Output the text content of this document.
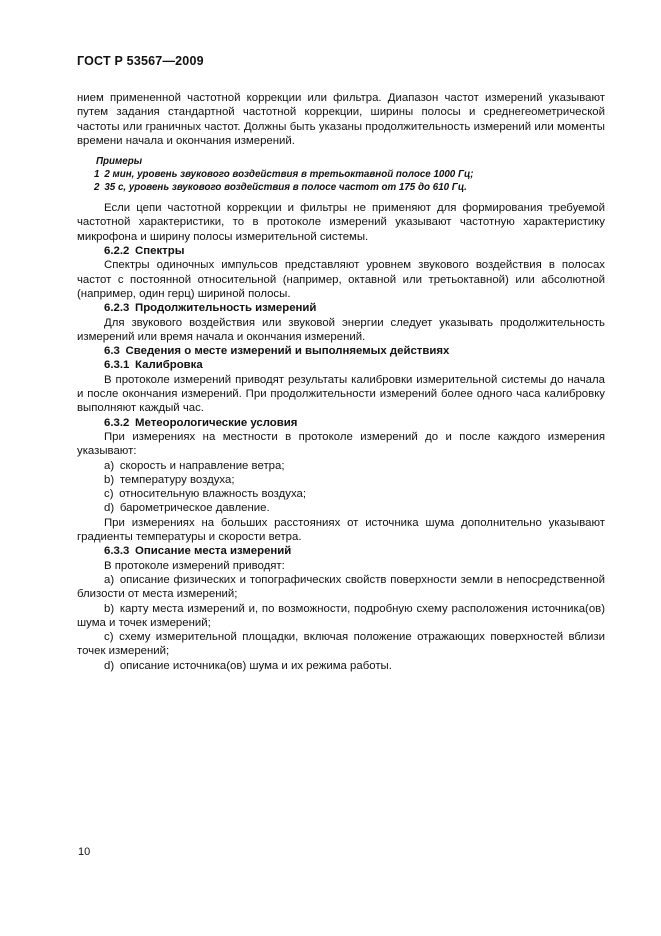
ГОСТ Р 53567—2009

нием примененной частотной коррекции или фильтра. Диапазон частот измерений указывают путем задания стандартной частотной коррекции, ширины полосы и среднегеометрической частоты или граничных частот. Должны быть указаны продолжительность измерений или моменты времени начала и окончания измерений.

Примеры

1 2 мин, уровень звукового воздействия в третьоктавной полосе 1000 Гц;

2 35 с, уровень звукового воздействия в полосе частот от 175 до 610 Гц.

Если цепи частотной коррекции и фильтры не применяют для формирования требуемой частотной характеристики, то в протоколе измерений указывают частотную характеристику микрофона и ширину полосы измерительной системы.

6.2.2 Спектры

Спектры одиночных импульсов представляют уровнем звукового воздействия в полосах частот с постоянной относительной (например, октавной или третьоктавной) или абсолютной (например, один герц) шириной полосы.

6.2.3 Продолжительность измерений

Для звукового воздействия или звуковой энергии следует указывать продолжительность измерений или время начала и окончания измерений.

6.3 Сведения о месте измерений и выполняемых действиях

6.3.1 Калибровка

В протоколе измерений приводят результаты калибровки измерительной системы до начала и после окончания измерений. При продолжительности измерений более одного часа калибровку выполняют каждый час.

6.3.2 Метеорологические условия

При измерениях на местности в протоколе измерений до и после каждого измерения указывают:

a) скорость и направление ветра;

b) температуру воздуха;

c) относительную влажность воздуха;

d) барометрическое давление.

При измерениях на больших расстояниях от источника шума дополнительно указывают градиенты температуры и скорости ветра.

6.3.3 Описание места измерений

В протоколе измерений приводят:

a) описание физических и топографических свойств поверхности земли в непосредственной близости от места измерений;

b) карту места измерений и, по возможности, подробную схему расположения источника(ов) шума и точек измерений;

c) схему измерительной площадки, включая положение отражающих поверхностей вблизи точек измерений;

d) описание источника(ов) шума и их режима работы.

10
